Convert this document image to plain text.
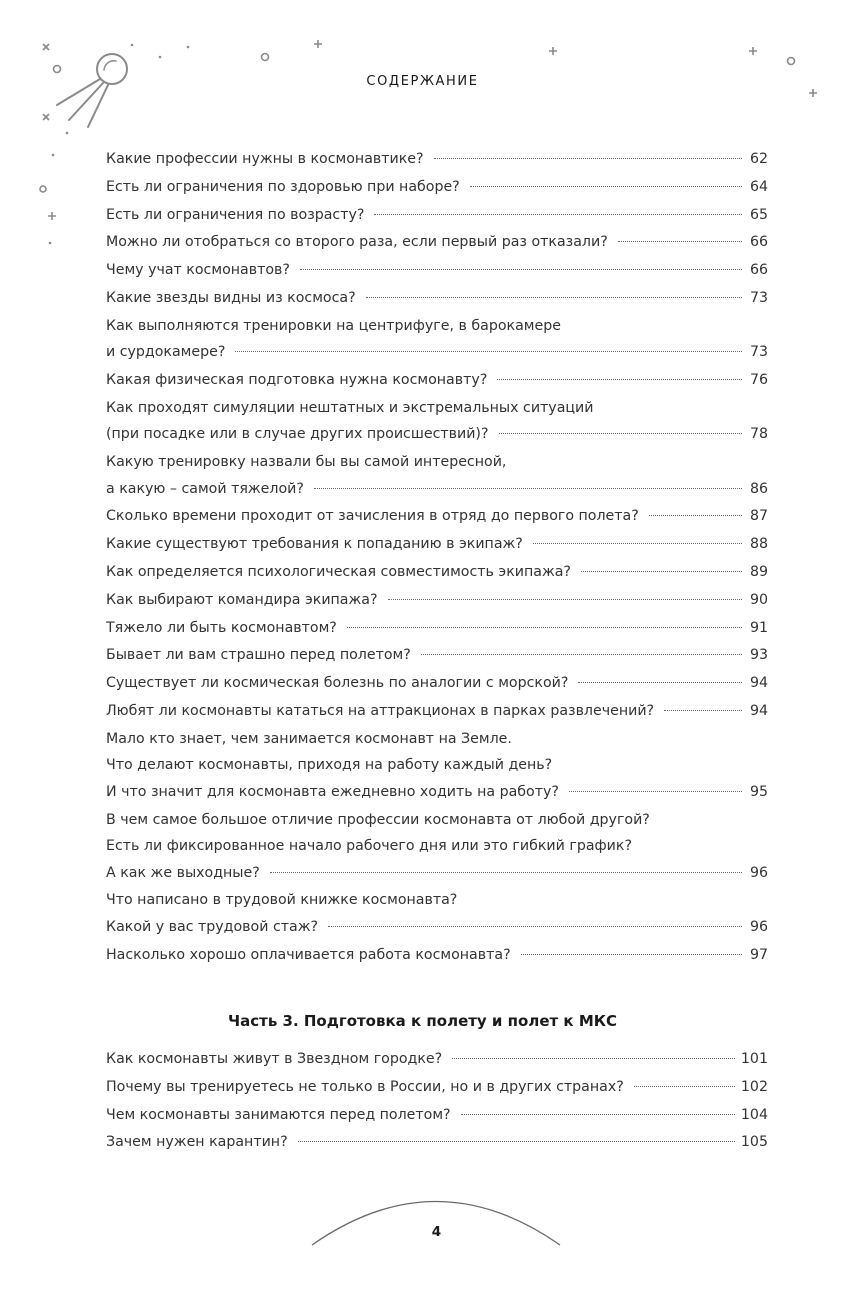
СОДЕРЖАНИЕ
Какие профессии нужны в космонавтике?	62
Есть ли ограничения по здоровью при наборе?	64
Есть ли ограничения по возрасту?	65
Можно ли отобраться со второго раза, если первый раз отказали?	66
Чему учат космонавтов?	66
Какие звезды видны из космоса?	73
Как выполняются тренировки на центрифуге, в барокамере
и сурдокамере?	73
Какая физическая подготовка нужна космонавту?	76
Как проходят симуляции нештатных и экстремальных ситуаций
(при посадке или в случае других происшествий)?	78
Какую тренировку назвали бы вы самой интересной,
а какую – самой тяжелой?	86
Сколько времени проходит от зачисления в отряд до первого полета?	87
Какие существуют требования к попаданию в экипаж?	88
Как определяется психологическая совместимость экипажа?	89
Как выбирают командира экипажа?	90
Тяжело ли быть космонавтом?	91
Бывает ли вам страшно перед полетом?	93
Существует ли космическая болезнь по аналогии с морской?	94
Любят ли космонавты кататься на аттракционах в парках развлечений?	94
Мало кто знает, чем занимается космонавт на Земле.
Что делают космонавты, приходя на работу каждый день?
И что значит для космонавта ежедневно ходить на работу?	95
В чем самое большое отличие профессии космонавта от любой другой?
Есть ли фиксированное начало рабочего дня или это гибкий график?
А как же выходные?	96
Что написано в трудовой книжке космонавта?
Какой у вас трудовой стаж?	96
Насколько хорошо оплачивается работа космонавта?	97
Часть 3. Подготовка к полету и полет к МКС
Как космонавты живут в Звездном городке?	101
Почему вы тренируетесь не только в России, но и в других странах?	102
Чем космонавты занимаются перед полетом?	104
Зачем нужен карантин?	105
4
